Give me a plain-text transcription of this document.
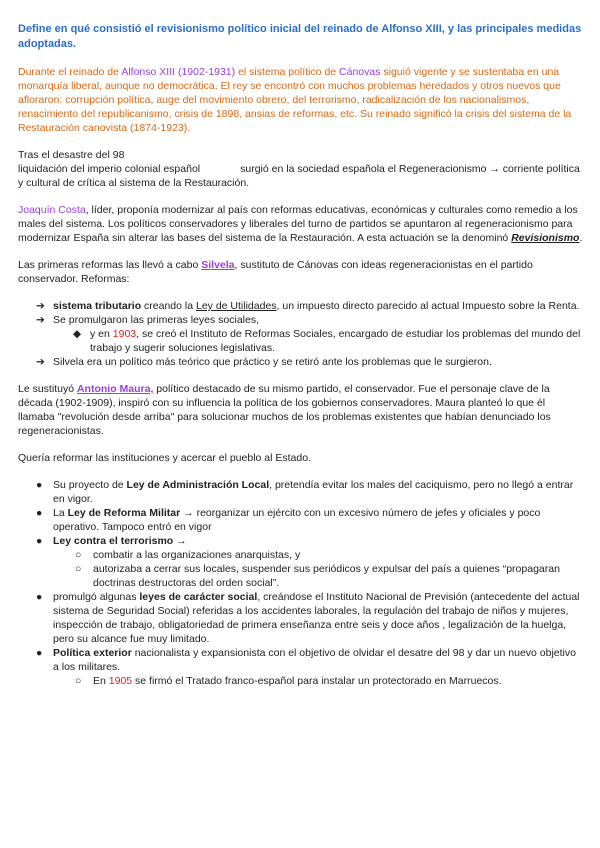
Define en qué consistió el revisionismo político inicial del reinado de Alfonso XIII, y las principales medidas adoptadas.

Durante el reinado de Alfonso XIII (1902-1931) el sistema político de Cánovas siguió vigente y se sustentaba en una monarquía liberal, aunque no democrática. El rey se encontró con muchos problemas heredados y otros nuevos que afloraron: corrupción política, auge del movimiento obrero, del terrorismo, radicalización de los nacionalismos, renacimiento del republicanismo, crisis de 1898, ansias de reformas, etc. Su reinado significó la crisis del sistema de la Restauración canovista (1874-1923).

Tras el desastre del 98
liquidación del imperio colonial español	surgió en la sociedad española el Regeneracionismo → corriente política y cultural de crítica al sistema de la Restauración.

Joaquín Costa, líder, proponía modernizar al país con reformas educativas, económicas y culturales como remedio a los males del sistema. Los políticos conservadores y liberales del turno de partidos se apuntaron al regeneracionismo para modernizar España sin alterar las bases del sistema de la Restauración. A esta actuación se la denominó Revisionismo.

Las primeras reformas las llevó a cabo Silvela, sustituto de Cánovas con ideas regeneracionistas en el partido conservador. Reformas:

➔ sistema tributario creando la Ley de Utilidades, un impuesto directo parecido al actual Impuesto sobre la Renta.
➔ Se promulgaron las primeras leyes sociales,
◆ y en 1903, se creó el Instituto de Reformas Sociales, encargado de estudiar los problemas del mundo del trabajo y sugerir soluciones legislativas.
➔ Silvela era un político más teórico que práctico y se retiró ante los problemas que le surgieron.

Le sustituyó Antonio Maura, político destacado de su mismo partido, el conservador. Fue el personaje clave de la década (1902-1909), inspiró con su influencia la política de los gobiernos conservadores. Maura planteó lo que él llamaba "revolución desde arriba" para solucionar muchos de los problemas existentes que habían denunciado los regeneracionistas.

Quería reformar las instituciones y acercar el pueblo al Estado.

● Su proyecto de Ley de Administración Local, pretendía evitar los males del caciquismo, pero no llegó a entrar en vigor.
● La Ley de Reforma Militar → reorganizar un ejército con un excesivo número de jefes y oficiales y poco operativo. Tampoco entró en vigor
● Ley contra el terrorismo →
○ combatir a las organizaciones anarquistas, y
○ autorizaba a cerrar sus locales, suspender sus periódicos y expulsar del país a quienes “propagaran doctrinas destructoras del orden social”.
● promulgó algunas leyes de carácter social, creándose el Instituto Nacional de Previsión (antecedente del actual sistema de Seguridad Social) referidas a los accidentes laborales, la regulación del trabajo de niños y mujeres, inspección de trabajo, obligatoriedad de primera enseñanza entre seis y doce años , legalización de la huelga, pero su alcance fue muy limitado.
● Política exterior nacionalista y expansionista con el objetivo de olvidar el desatre del 98 y dar un nuevo objetivo a los militares.
○ En 1905 se firmó el Tratado franco-español para instalar un protectorado en Marruecos.
